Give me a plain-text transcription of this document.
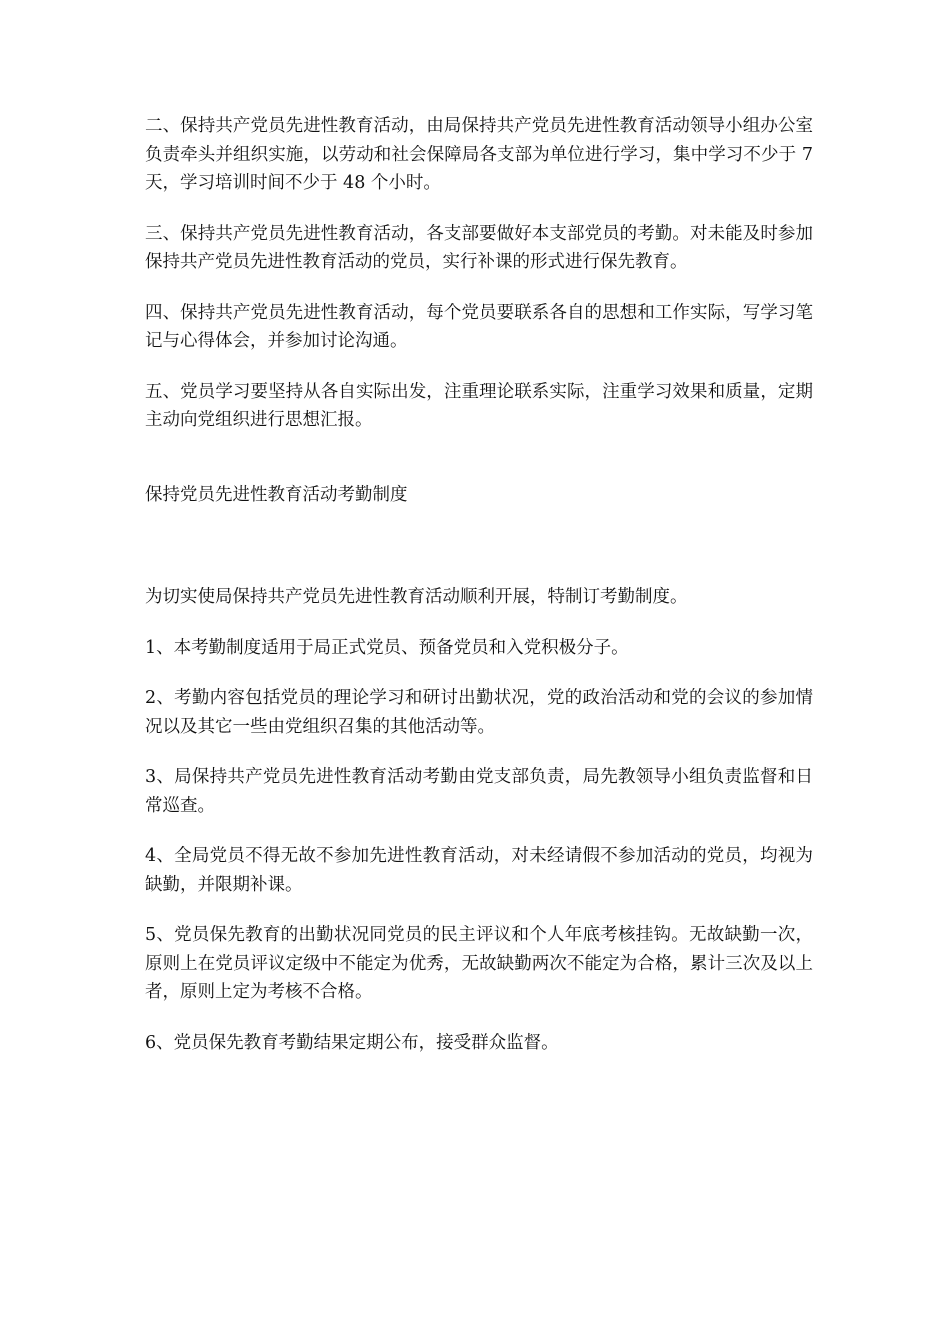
二、保持共产党员先进性教育活动，由局保持共产党员先进性教育活动领导小组办公室负责牵头并组织实施，以劳动和社会保障局各支部为单位进行学习，集中学习不少于 7 天，学习培训时间不少于 48 个小时。

三、保持共产党员先进性教育活动，各支部要做好本支部党员的考勤。对未能及时参加保持共产党员先进性教育活动的党员，实行补课的形式进行保先教育。

四、保持共产党员先进性教育活动，每个党员要联系各自的思想和工作实际，写学习笔记与心得体会，并参加讨论沟通。

五、党员学习要坚持从各自实际出发，注重理论联系实际，注重学习效果和质量，定期主动向党组织进行思想汇报。

保持党员先进性教育活动考勤制度

为切实使局保持共产党员先进性教育活动顺利开展，特制订考勤制度。

1、本考勤制度适用于局正式党员、预备党员和入党积极分子。

2、考勤内容包括党员的理论学习和研讨出勤状况，党的政治活动和党的会议的参加情况以及其它一些由党组织召集的其他活动等。

3、局保持共产党员先进性教育活动考勤由党支部负责，局先教领导小组负责监督和日常巡查。

4、全局党员不得无故不参加先进性教育活动，对未经请假不参加活动的党员，均视为缺勤，并限期补课。

5、党员保先教育的出勤状况同党员的民主评议和个人年底考核挂钩。无故缺勤一次，原则上在党员评议定级中不能定为优秀，无故缺勤两次不能定为合格，累计三次及以上者，原则上定为考核不合格。

6、党员保先教育考勤结果定期公布，接受群众监督。
